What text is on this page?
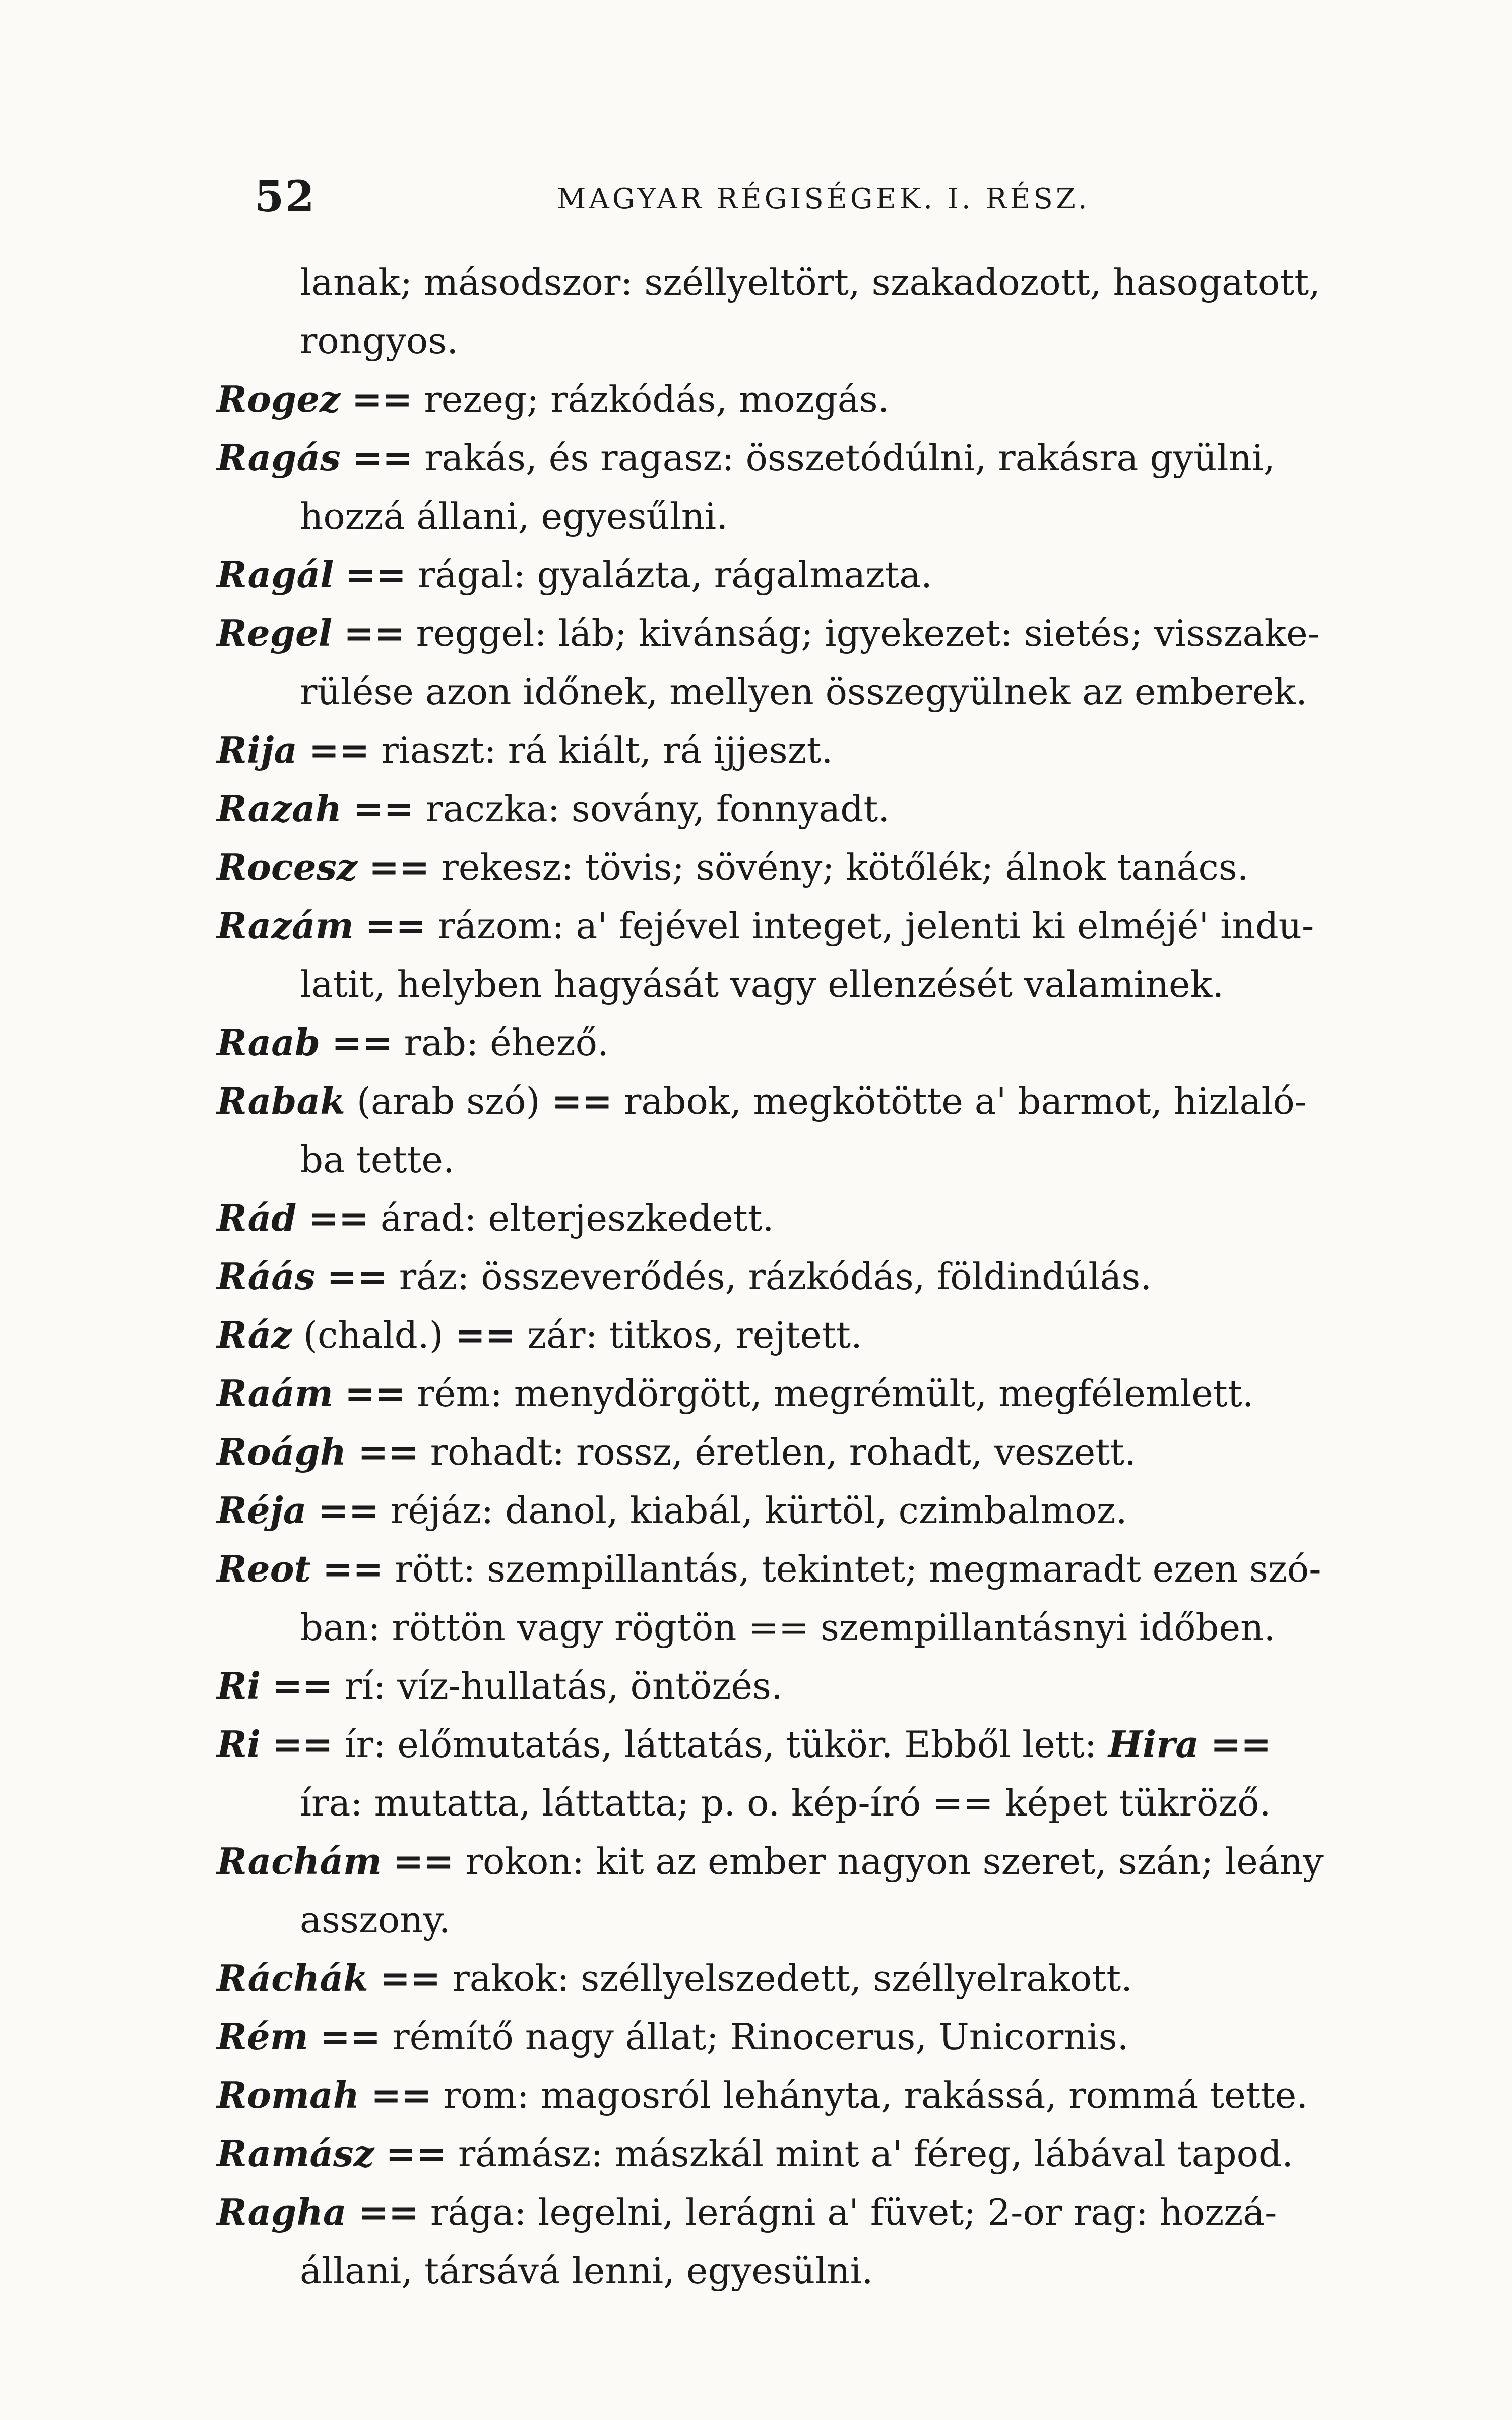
52	MAGYAR RÉGISÉGEK. I. RÉSZ.
lanak; másodszor: széllyeltört, szakadozott, hasogatott,
rongyos.
Rogez == rezeg; rázkódás, mozgás.
Ragás == rakás, és ragasz: összetódúlni, rakásra gyülni,
hozzá állani, egyesűlni.
Ragál == rágal: gyalázta, rágalmazta.
Regel == reggel: láb; kivánság; igyekezet: sietés; visszake-
rülése azon időnek, mellyen összegyülnek az emberek.
Rija == riaszt: rá kiált, rá ijjeszt.
Razah == raczka: sovány, fonnyadt.
Rocesz == rekesz: tövis; sövény; kötőlék; álnok tanács.
Razám == rázom: a' fejével integet, jelenti ki elméjé' indu-
latit, helyben hagyását vagy ellenzését valaminek.
Raab == rab: éhező.
Rabak (arab szó) == rabok, megkötötte a' barmot, hizlaló-
ba tette.
Rád == árad: elterjeszkedett.
Ráás == ráz: összeverődés, rázkódás, földindúlás.
Ráz (chald.) == zár: titkos, rejtett.
Raám == rém: menydörgött, megrémült, megfélemlett.
Roágh == rohadt: rossz, éretlen, rohadt, veszett.
Réja == réjáz: danol, kiabál, kürtöl, czimbalmoz.
Reot == rött: szempillantás, tekintet; megmaradt ezen szó-
ban: röttön vagy rögtön == szempillantásnyi időben.
Ri == rí: víz-hullatás, öntözés.
Ri == ír: előmutatás, láttatás, tükör. Ebből lett: Hira ==
íra: mutatta, láttatta; p. o. kép-író == képet tükröző.
Rachám == rokon: kit az ember nagyon szeret, szán; leány
asszony.
Ráchák == rakok: széllyelszedett, széllyelrakott.
Rém == rémítő nagy állat; Rinocerus, Unicornis.
Romah == rom: magosról lehányta, rakássá, rommá tette.
Ramász == rámász: mászkál mint a' féreg, lábával tapod.
Ragha == rága: legelni, lerágni a' füvet; 2-or rag: hozzá-
állani, társává lenni, egyesülni.
